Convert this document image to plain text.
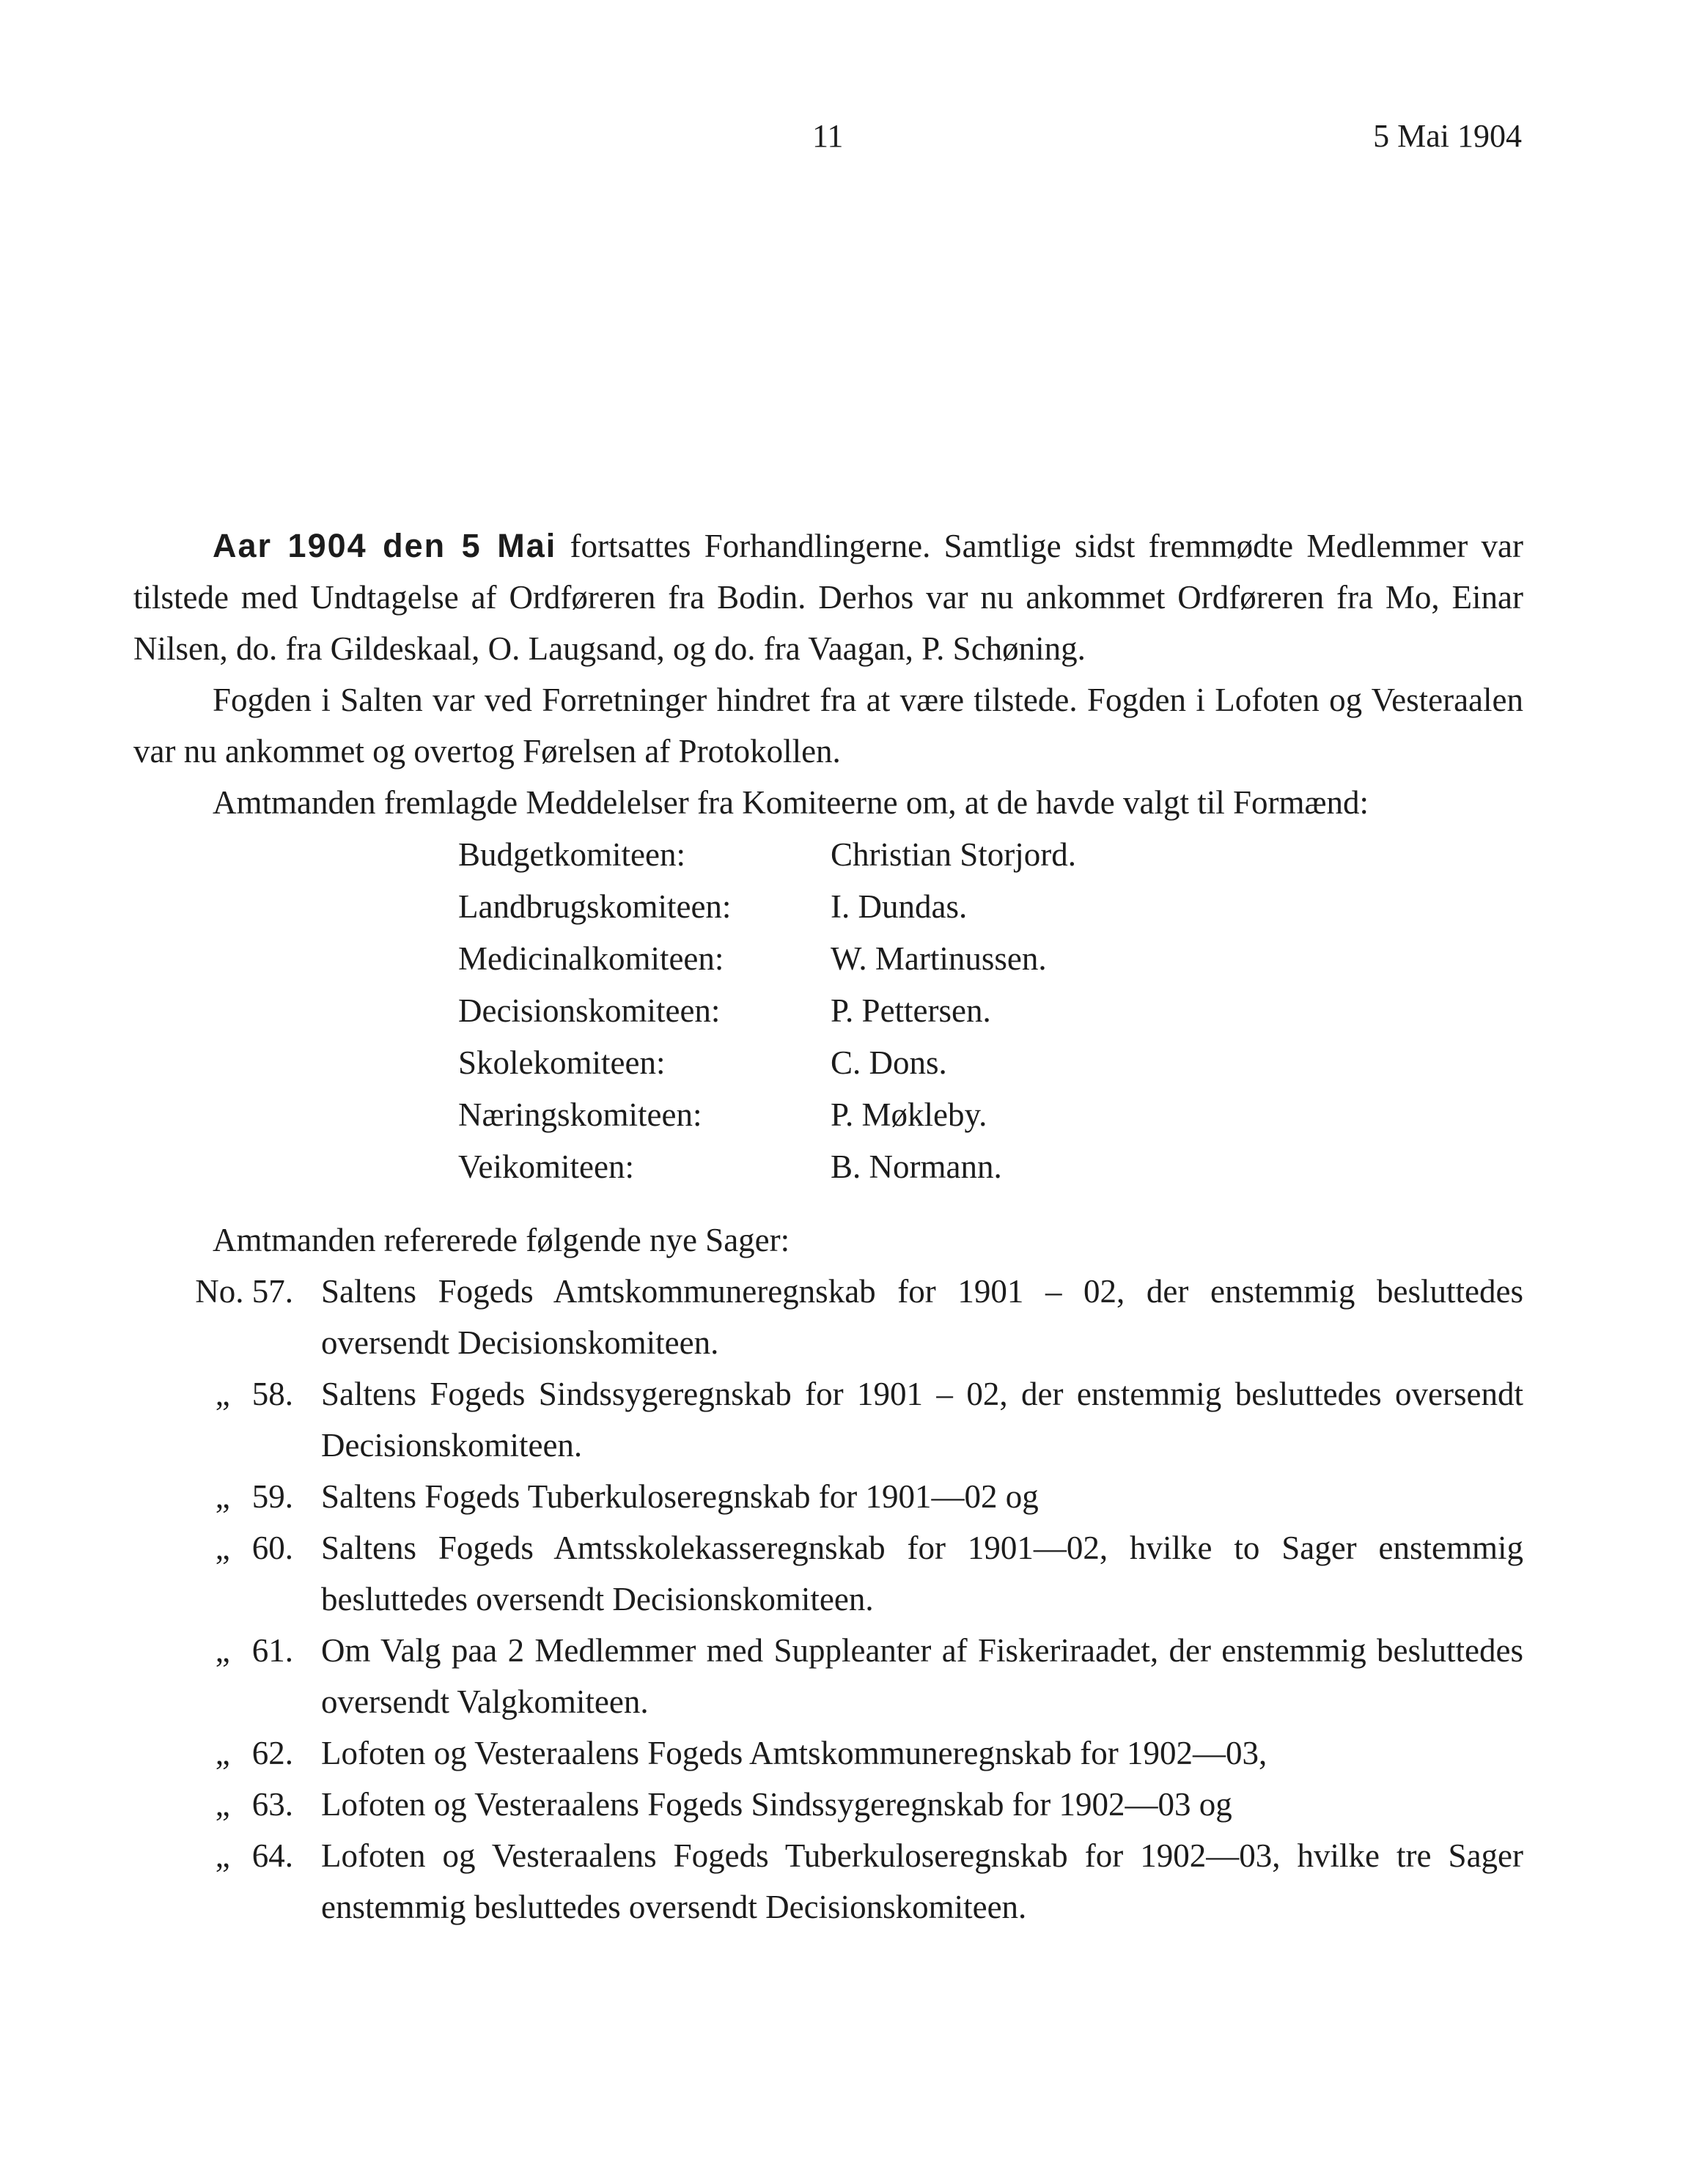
11	5 Mai 1904

Aar 1904 den 5 Mai fortsattes Forhandlingerne. Samtlige sidst fremmødte Medlemmer var tilstede med Undtagelse af Ordføreren fra Bodin. Derhos var nu ankommet Ordføreren fra Mo, Einar Nilsen, do. fra Gildeskaal, O. Laugsand, og do. fra Vaagan, P. Schøning.

Fogden i Salten var ved Forretninger hindret fra at være tilstede. Fogden i Lofoten og Vesteraalen var nu ankommet og overtog Førelsen af Protokollen.

Amtmanden fremlagde Meddelelser fra Komiteerne om, at de havde valgt til Formænd:

Budgetkomiteen:	Christian Storjord.
Landbrugskomiteen:	I. Dundas.
Medicinalkomiteen:	W. Martinussen.
Decisionskomiteen:	P. Pettersen.
Skolekomiteen:	C. Dons.
Næringskomiteen:	P. Møkleby.
Veikomiteen:	B. Normann.

Amtmanden refererede følgende nye Sager:

No. 57. Saltens Fogeds Amtskommuneregnskab for 1901 – 02, der enstemmig besluttedes oversendt Decisionskomiteen.
„ 58. Saltens Fogeds Sindssygeregnskab for 1901 – 02, der enstemmig besluttedes oversendt Decisionskomiteen.
„ 59. Saltens Fogeds Tuberkuloseregnskab for 1901—02 og
„ 60. Saltens Fogeds Amtsskolekasseregnskab for 1901—02, hvilke to Sager enstemmig besluttedes oversendt Decisionskomiteen.
„ 61. Om Valg paa 2 Medlemmer med Suppleanter af Fiskeriraadet, der enstemmig besluttedes oversendt Valgkomiteen.
„ 62. Lofoten og Vesteraalens Fogeds Amtskommuneregnskab for 1902—03,
„ 63. Lofoten og Vesteraalens Fogeds Sindssygeregnskab for 1902—03 og
„ 64. Lofoten og Vesteraalens Fogeds Tuberkuloseregnskab for 1902—03, hvilke tre Sager enstemmig besluttedes oversendt Decisionskomiteen.
